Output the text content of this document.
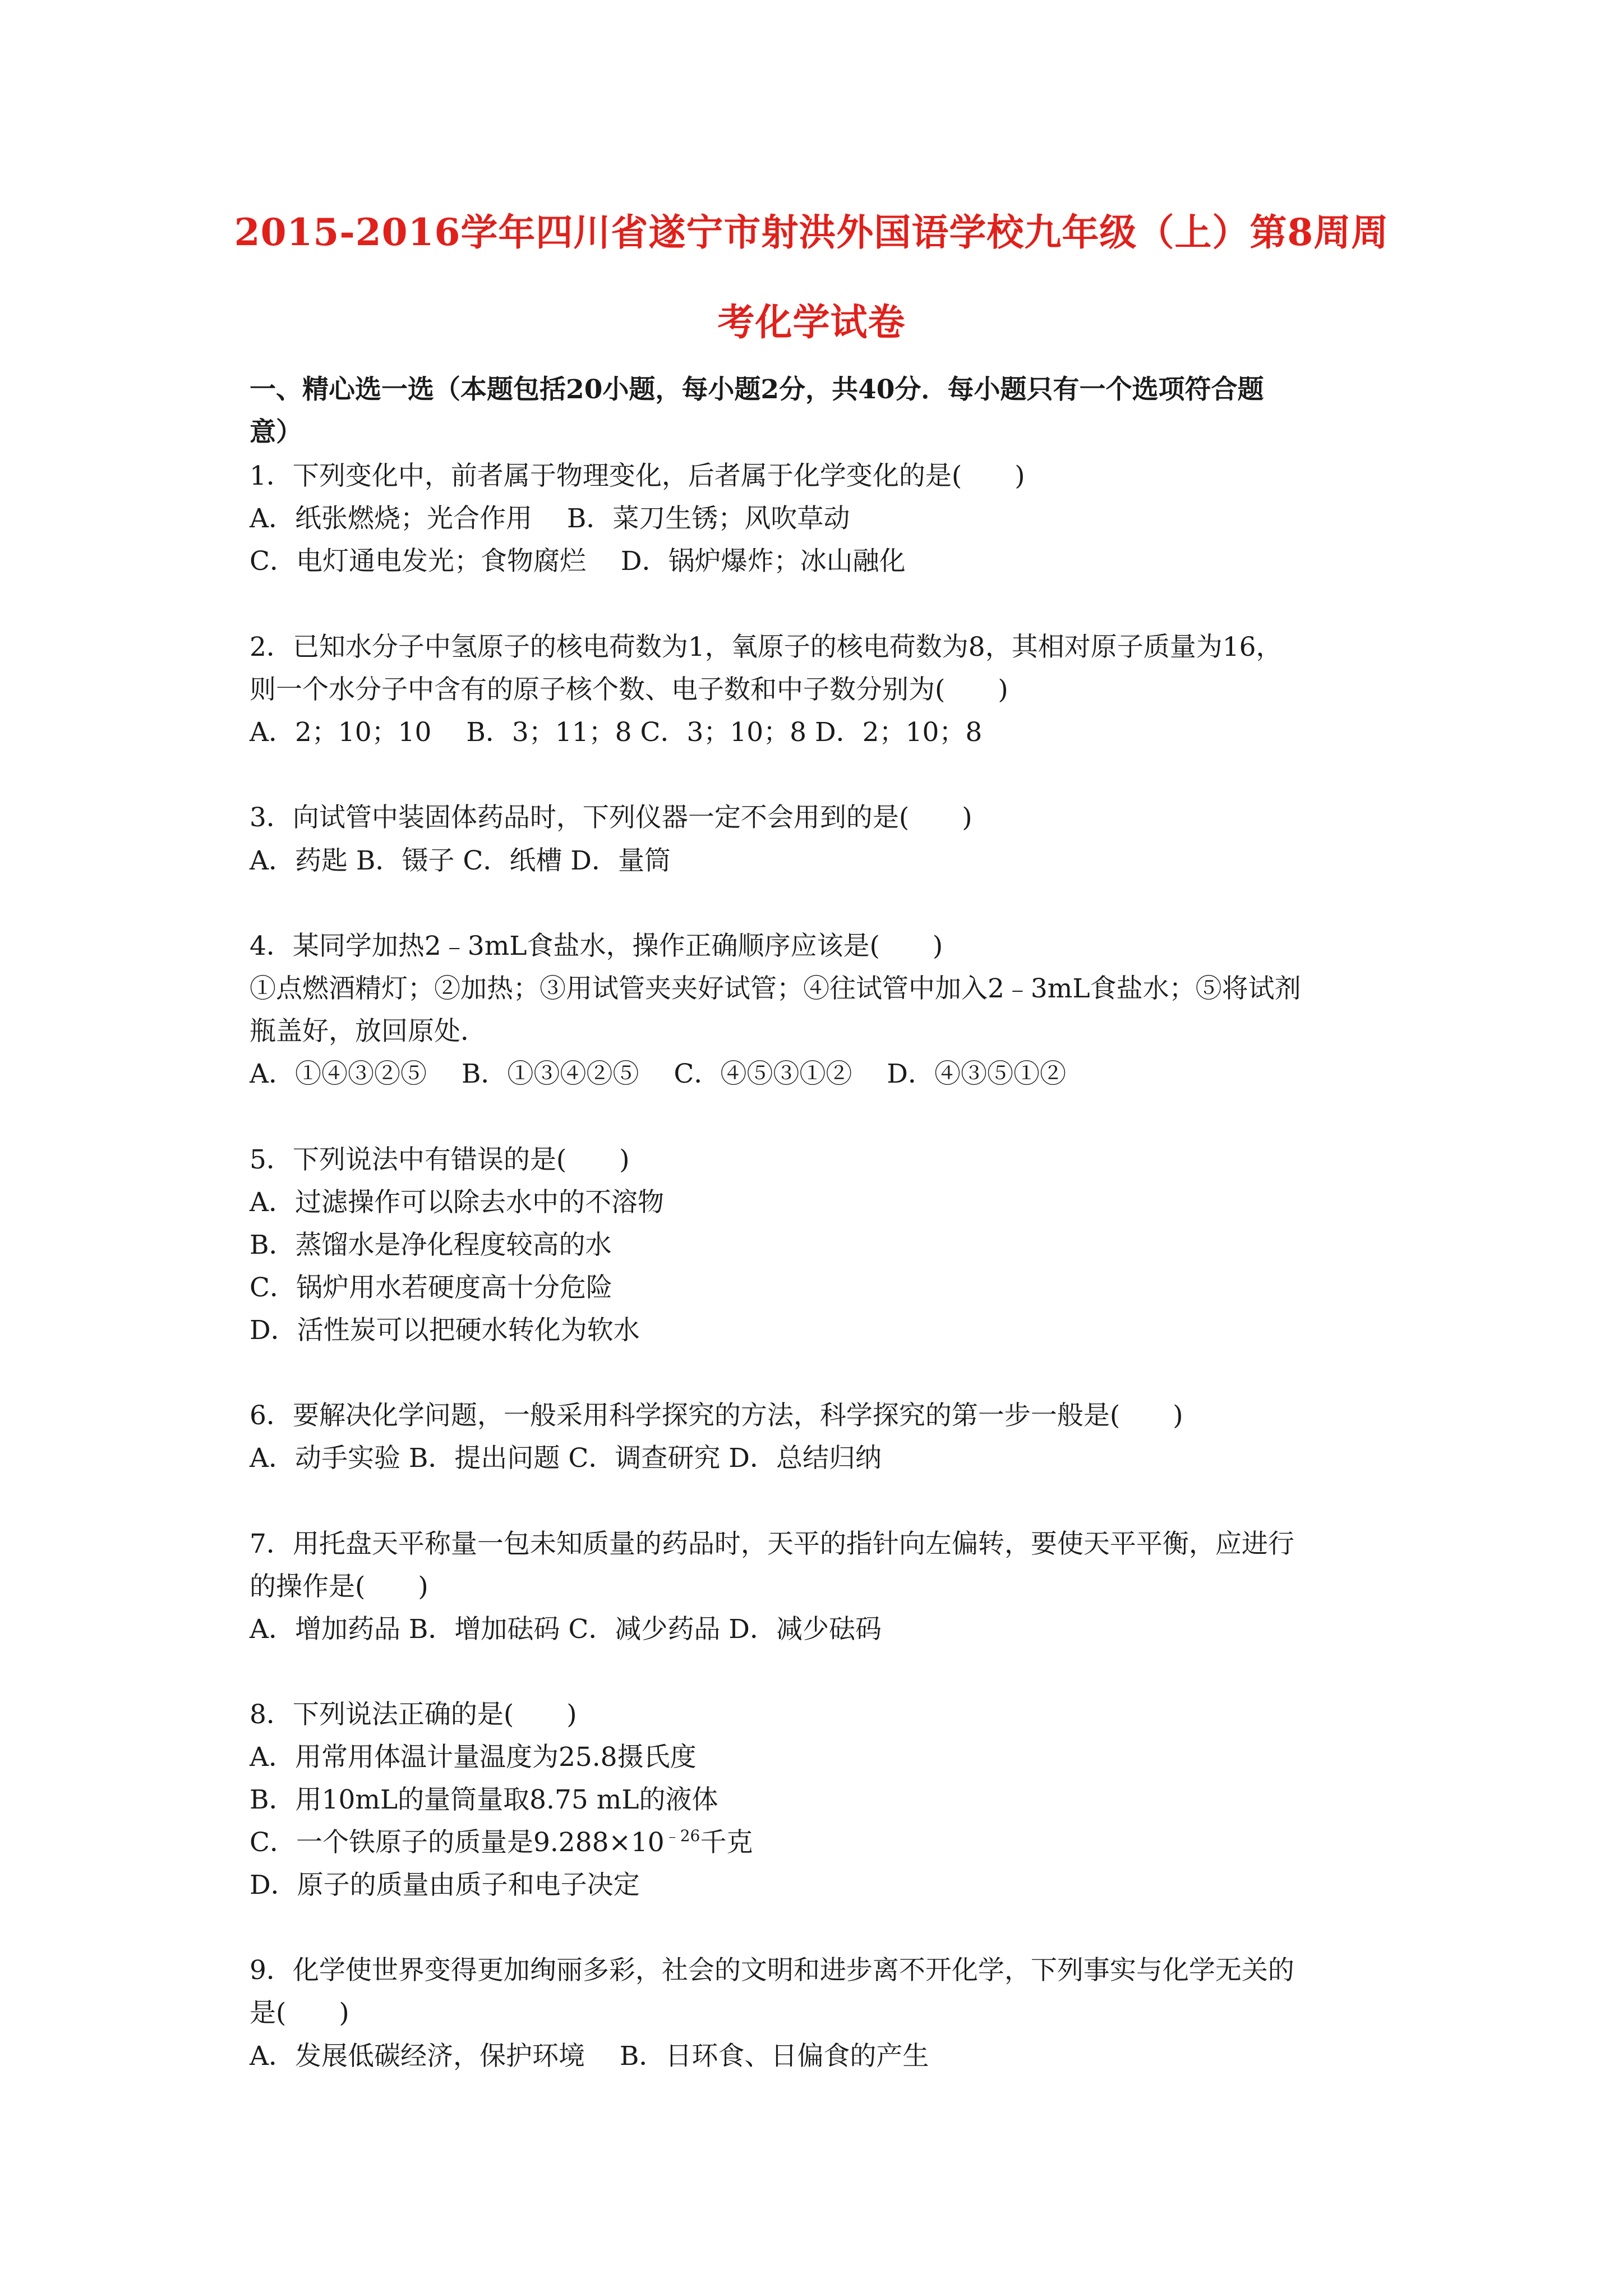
2015-2016学年四川省遂宁市射洪外国语学校九年级（上）第8周周
考化学试卷
一、精心选一选（本题包括20小题，每小题2分，共40分．每小题只有一个选项符合题
意）
1．下列变化中，前者属于物理变化，后者属于化学变化的是(　　)
A．纸张燃烧；光合作用　 B．菜刀生锈；风吹草动
C．电灯通电发光；食物腐烂　 D．锅炉爆炸；冰山融化
2．已知水分子中氢原子的核电荷数为1，氧原子的核电荷数为8，其相对原子质量为16，
则一个水分子中含有的原子核个数、电子数和中子数分别为(　　)
A．2；10；10　 B．3；11；8 C．3；10；8 D．2；10；8
3．向试管中装固体药品时，下列仪器一定不会用到的是(　　)
A．药匙 B．镊子 C．纸槽 D．量筒
4．某同学加热2﹣3mL食盐水，操作正确顺序应该是(　　)
①点燃酒精灯；②加热；③用试管夹夹好试管；④往试管中加入2﹣3mL食盐水；⑤将试剂
瓶盖好，放回原处．
A．①④③②⑤　 B．①③④②⑤　 C．④⑤③①②　 D．④③⑤①②
5．下列说法中有错误的是(　　)
A．过滤操作可以除去水中的不溶物
B．蒸馏水是净化程度较高的水
C．锅炉用水若硬度高十分危险
D．活性炭可以把硬水转化为软水
6．要解决化学问题，一般采用科学探究的方法，科学探究的第一步一般是(　　)
A．动手实验 B．提出问题 C．调查研究 D．总结归纳
7．用托盘天平称量一包未知质量的药品时，天平的指针向左偏转，要使天平平衡，应进行
的操作是(　　)
A．增加药品 B．增加砝码 C．减少药品 D．减少砝码
8．下列说法正确的是(　　)
A．用常用体温计量温度为25.8摄氏度
B．用10mL的量筒量取8.75 mL的液体
C．一个铁原子的质量是$9.288\times 10^{﹣26}$千克
D．原子的质量由质子和电子决定
9．化学使世界变得更加绚丽多彩，社会的文明和进步离不开化学，下列事实与化学无关的
是(　　)
A．发展低碳经济，保护环境　 B．日环食、日偏食的产生
